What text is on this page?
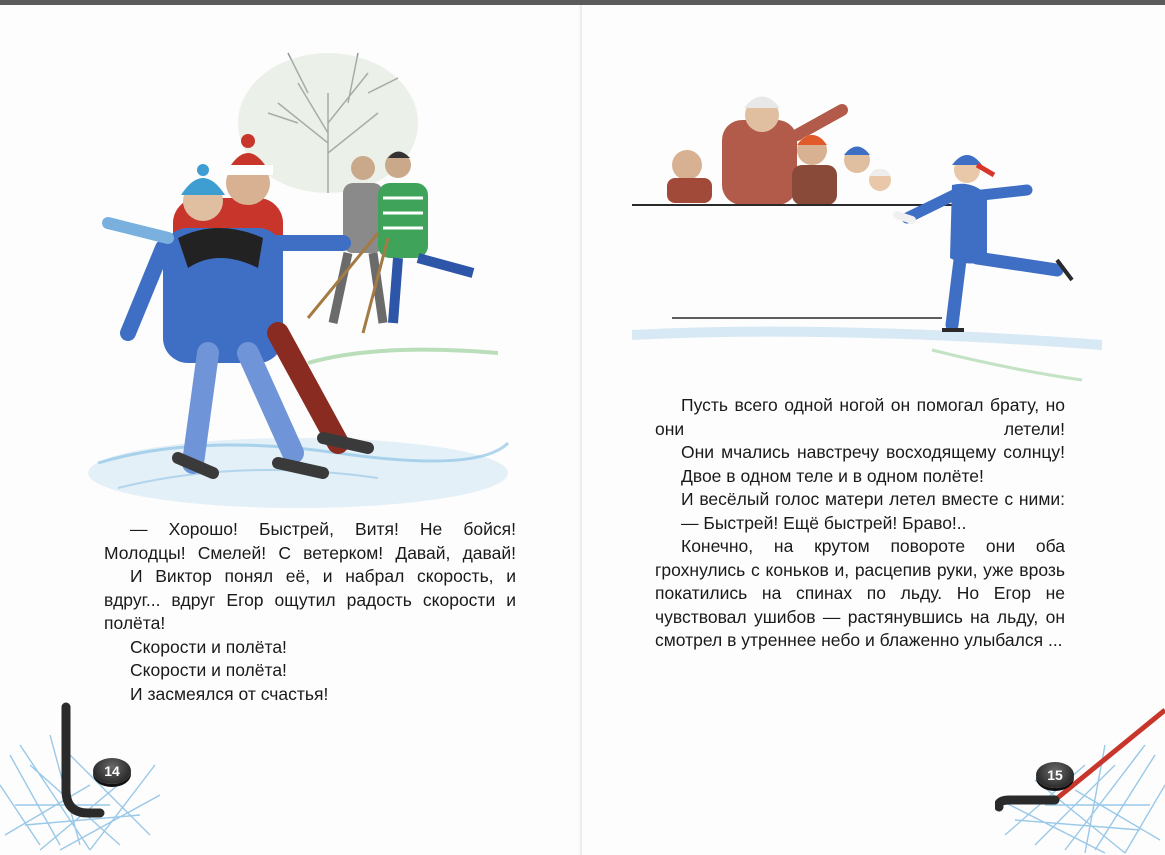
— Хорошо! Быстрей, Витя! Не бойся! Молодцы! Смелей! С ветерком! Давай, давай!

И Виктор понял её, и набрал скорость, и вдруг... вдруг Егор ощутил радость скорости и полёта!

Скорости и полёта!

Скорости и полёта!

И засмеялся от счастья!

14

Пусть всего одной ногой он помогал брату, но они летели!

Они мчались навстречу восходящему солнцу!

Двое в одном теле и в одном полёте!

И весёлый голос матери летел вместе с ними:

— Быстрей! Ещё быстрей! Браво!..

Конечно, на крутом повороте они оба грохнулись с коньков и, расцепив руки, уже врозь покатились на спинах по льду. Но Егор не чувствовал ушибов — растянувшись на льду, он смотрел в утреннее небо и блаженно улыбался ...

15
